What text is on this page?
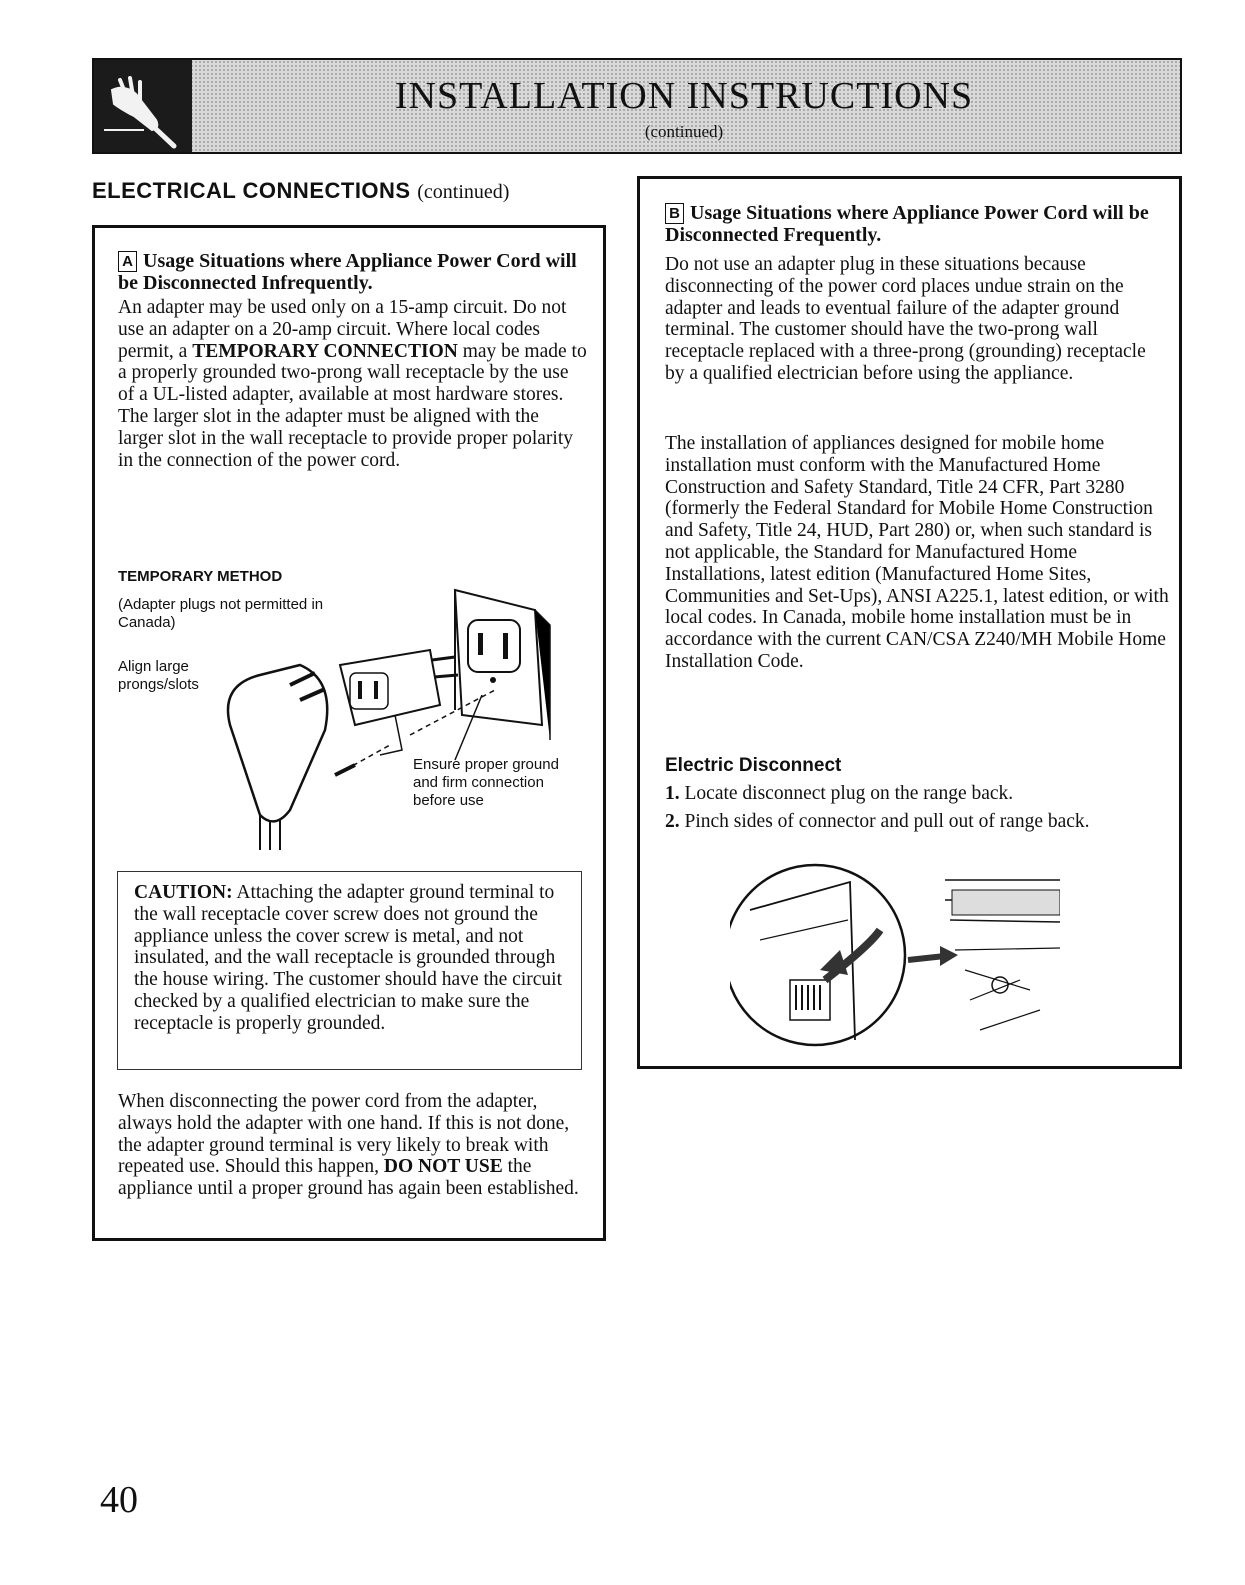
INSTALLATION INSTRUCTIONS
(continued)
ELECTRICAL CONNECTIONS (continued)
A Usage Situations where Appliance Power Cord will be Disconnected Infrequently.
An adapter may be used only on a 15-amp circuit. Do not use an adapter on a 20-amp circuit. Where local codes permit, a TEMPORARY CONNECTION may be made to a properly grounded two-prong wall receptacle by the use of a UL-listed adapter, available at most hardware stores. The larger slot in the adapter must be aligned with the larger slot in the wall receptacle to provide proper polarity in the connection of the power cord.
TEMPORARY METHOD
(Adapter plugs not permitted in Canada)
Align large prongs/slots
Ensure proper ground and firm connection before use
CAUTION: Attaching the adapter ground terminal to the wall receptacle cover screw does not ground the appliance unless the cover screw is metal, and not insulated, and the wall receptacle is grounded through the house wiring. The customer should have the circuit checked by a qualified electrician to make sure the receptacle is properly grounded.
When disconnecting the power cord from the adapter, always hold the adapter with one hand. If this is not done, the adapter ground terminal is very likely to break with repeated use. Should this happen, DO NOT USE the appliance until a proper ground has again been established.
B Usage Situations where Appliance Power Cord will be Disconnected Frequently.

Do not use an adapter plug in these situations because disconnecting of the power cord places undue strain on the adapter and leads to eventual failure of the adapter ground terminal. The customer should have the two-prong wall receptacle replaced with a three-prong (grounding) receptacle by a qualified electrician before using the appliance.

The installation of appliances designed for mobile home installation must conform with the Manufactured Home Construction and Safety Standard, Title 24 CFR, Part 3280 (formerly the Federal Standard for Mobile Home Construction and Safety, Title 24, HUD, Part 280) or, when such standard is not applicable, the Standard for Manufactured Home Installations, latest edition (Manufactured Home Sites, Communities and Set-Ups), ANSI A225.1, latest edition, or with local codes. In Canada, mobile home installation must be in accordance with the current CAN/CSA Z240/MH Mobile Home Installation Code.

Electric Disconnect

1. Locate disconnect plug on the range back.

2. Pinch sides of connector and pull out of range back.

40
